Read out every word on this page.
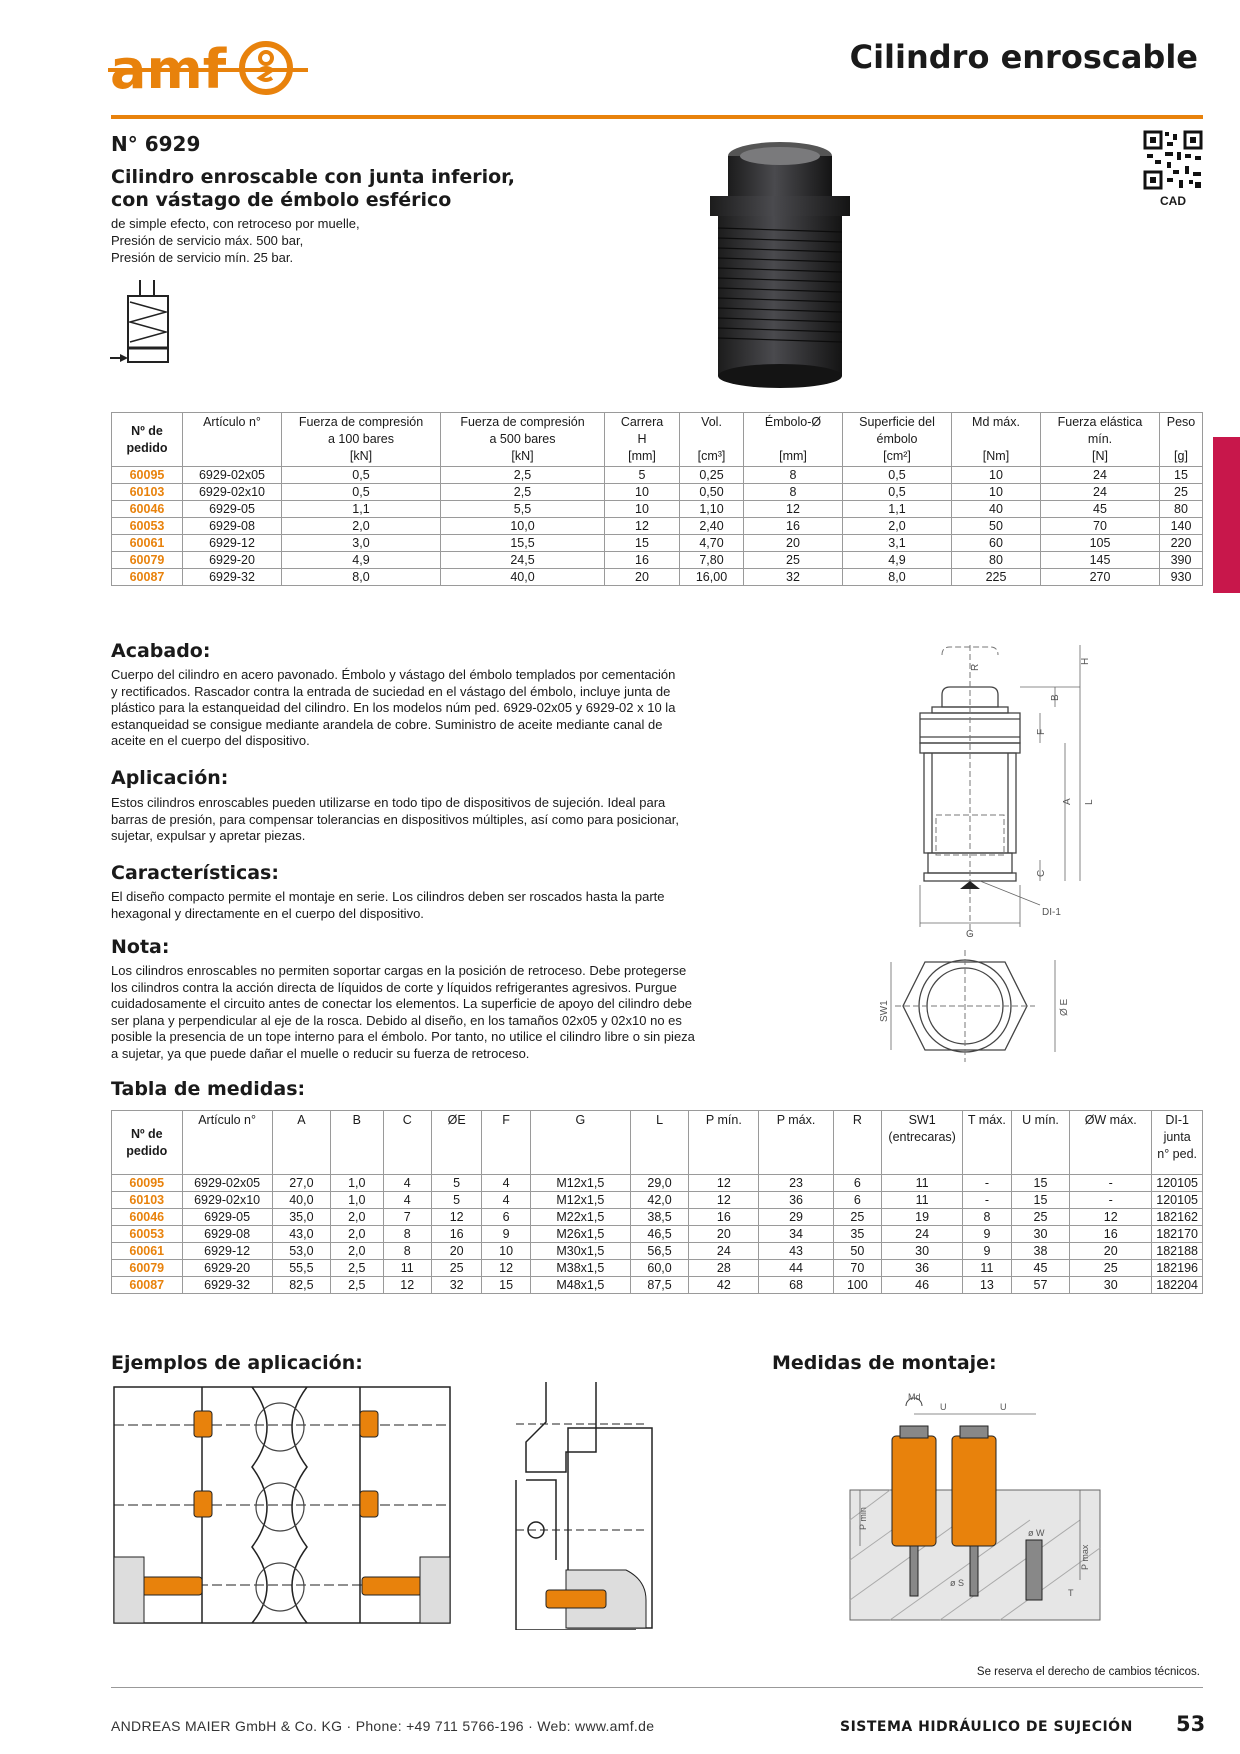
amf	Cilindro enroscable
N° 6929
Cilindro enroscable con junta inferior,
con vástago de émbolo esférico
de simple efecto, con retroceso por muelle,
Presión de servicio máx. 500 bar,
Presión de servicio mín. 25 bar.
CAD
Nº de
pedido	Artículo n°	Fuerza de compresión
a 100 bares
[kN]	Fuerza de compresión
a 500 bares
[kN]	Carrera
H
[mm]	Vol.

[cm³]	Émbolo-Ø

[mm]	Superficie del
émbolo
[cm²]	Md máx.

[Nm]	Fuerza elástica
mín.
[N]	Peso

[g]
60095	6929-02x05	0,5	2,5	5	0,25	8	0,5	10	24	15
60103	6929-02x10	0,5	2,5	10	0,50	8	0,5	10	24	25
60046	6929-05	1,1	5,5	10	1,10	12	1,1	40	45	80
60053	6929-08	2,0	10,0	12	2,40	16	2,0	50	70	140
60061	6929-12	3,0	15,5	15	4,70	20	3,1	60	105	220
60079	6929-20	4,9	24,5	16	7,80	25	4,9	80	145	390
60087	6929-32	8,0	40,0	20	16,00	32	8,0	225	270	930
Acabado:
Cuerpo del cilindro en acero pavonado. Émbolo y vástago del émbolo templados por cementación
y rectificados. Rascador contra la entrada de suciedad en el vástago del émbolo, incluye junta de
plástico para la estanqueidad del cilindro. En los modelos núm ped. 6929-02x05 y 6929-02 x 10 la
estanqueidad se consigue mediante arandela de cobre. Suministro de aceite mediante canal de
aceite en el cuerpo del dispositivo.
Aplicación:
Estos cilindros enroscables pueden utilizarse en todo tipo de dispositivos de sujeción. Ideal para
barras de presión, para compensar tolerancias en dispositivos múltiples, así como para posicionar,
sujetar, expulsar y apretar piezas.
Características:
El diseño compacto permite el montaje en serie. Los cilindros deben ser roscados hasta la parte
hexagonal y directamente en el cuerpo del dispositivo.
Nota:
Los cilindros enroscables no permiten soportar cargas en la posición de retroceso. Debe protegerse
los cilindros contra la acción directa de líquidos de corte y líquidos refrigerantes agresivos. Purgue
cuidadosamente el circuito antes de conectar los elementos. La superficie de apoyo del cilindro debe
ser plana y perpendicular al eje de la rosca. Debido al diseño, en los tamaños 02x05 y 02x10 no es
posible la presencia de un tope interno para el émbolo. Por tanto, no utilice el cilindro libre o sin pieza
a sujetar, ya que puede dañar el muelle o reducir su fuerza de retroceso.
R
B
H
F
A L
C
G
DI-1
SW1	Ø E
Tabla de medidas:
Nº de
pedido	Artículo n°	A	B	C	ØE	F	G	L	P mín.	P máx.	R	SW1
(entrecaras)	T máx.	U mín.	ØW máx.	DI-1
junta
n° ped.
60095	6929-02x05	27,0	1,0	4	5	4	M12x1,5	29,0	12	23	6	11	-	15	-	120105
60103	6929-02x10	40,0	1,0	4	5	4	M12x1,5	42,0	12	36	6	11	-	15	-	120105
60046	6929-05	35,0	2,0	7	12	6	M22x1,5	38,5	16	29	25	19	8	25	12	182162
60053	6929-08	43,0	2,0	8	16	9	M26x1,5	46,5	20	34	35	24	9	30	16	182170
60061	6929-12	53,0	2,0	8	20	10	M30x1,5	56,5	24	43	50	30	9	38	20	182188
60079	6929-20	55,5	2,5	11	25	12	M38x1,5	60,0	28	44	70	36	11	45	25	182196
60087	6929-32	82,5	2,5	12	32	15	M48x1,5	87,5	42	68	100	46	13	57	30	182204
Ejemplos de aplicación:	Medidas de montaje:
Md
U	U
P min
P max
ø W
ø S
T
Se reserva el derecho de cambios técnicos.
ANDREAS MAIER GmbH & Co. KG · Phone: +49 711 5766-196 · Web: www.amf.de	SISTEMA HIDRÁULICO DE SUJECIÓN 53
